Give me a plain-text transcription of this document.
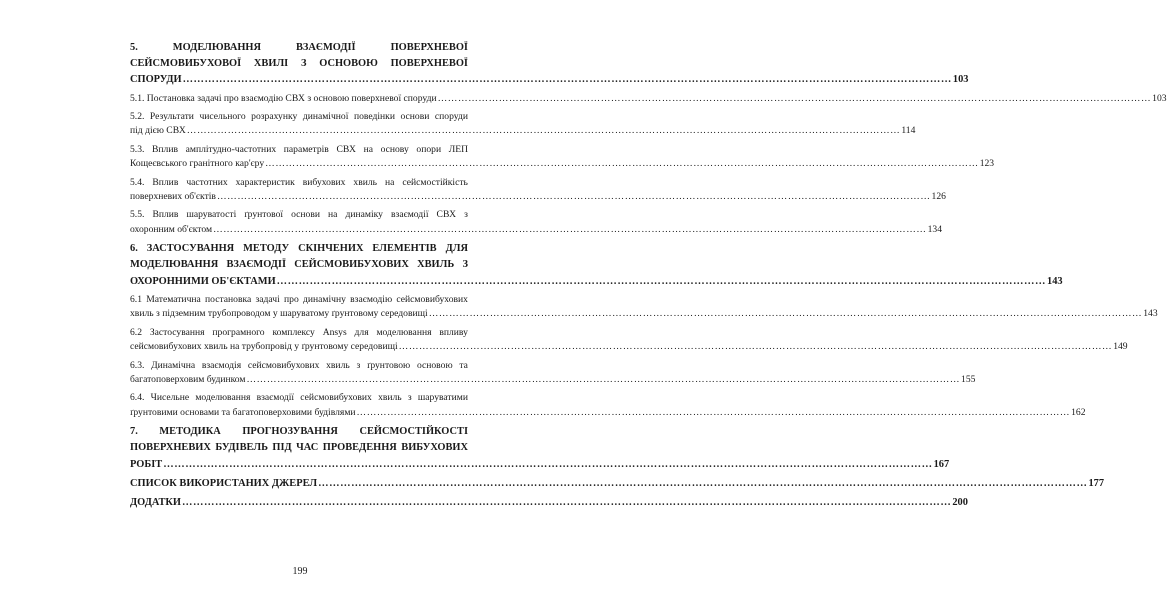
5.	МОДЕЛЮВАННЯ	ВЗАЄМОДІЇ	ПОВЕРХНЕВОЇ
СЕЙСМОВИБУХОВОЇ ХВИЛІ З ОСНОВОЮ ПОВЕРХНЕВОЇ
СПОРУДИ …………………………………………………………………………………………………………………………………………………………………………………………	103
5.1. Постановка задачі про взаємодію СВХ з основою поверхневої споруди …………………………………………………………………………………………………………………………………………………………………………………………	103
5.2. Результати чисельного розрахунку динамічної поведінки основи споруди
під дією СВХ …………………………………………………………………………………………………………………………………………………………………………………………	114
5.3. Вплив амплітудно-частотних параметрів СВХ на основу опори ЛЕП
Кощеєвського гранітного кар'єру …………………………………………………………………………………………………………………………………………………………………………………………	123
5.4. Вплив частотних характеристик вибухових хвиль на сейсмостійкість
поверхневих об'єктів …………………………………………………………………………………………………………………………………………………………………………………………	126
5.5. Вплив шаруватості ґрунтової основи на динаміку взаємодії СВХ з
охоронним об'єктом …………………………………………………………………………………………………………………………………………………………………………………………	134
6. ЗАСТОСУВАННЯ МЕТОДУ СКІНЧЕНИХ ЕЛЕМЕНТІВ ДЛЯ
МОДЕЛЮВАННЯ ВЗАЄМОДІЇ СЕЙСМОВИБУХОВИХ ХВИЛЬ З
ОХОРОННИМИ ОБ'ЄКТАМИ …………………………………………………………………………………………………………………………………………………………………………………………	143
6.1 Математична постановка задачі про динамічну взаємодію сейсмовибухових
хвиль з підземним трубопроводом у шаруватому ґрунтовому середовищі …………………………………………………………………………………………………………………………………………………………………………………………	143
6.2 Застосування програмного комплексу Ansys для моделювання впливу
сейсмовибухових хвиль на трубопровід у ґрунтовому середовищі …………………………………………………………………………………………………………………………………………………………………………………………	149
6.3. Динамічна взаємодія сейсмовибухових хвиль з ґрунтовою основою та
багатоповерховим будинком …………………………………………………………………………………………………………………………………………………………………………………………	155
6.4. Чисельне моделювання взаємодії сейсмовибухових хвиль з шаруватими
ґрунтовими основами та багатоповерховими будівлями …………………………………………………………………………………………………………………………………………………………………………………………	162
7. МЕТОДИКА ПРОГНОЗУВАННЯ СЕЙСМОСТІЙКОСТІ
ПОВЕРХНЕВИХ БУДІВЕЛЬ ПІД ЧАС ПРОВЕДЕННЯ ВИБУХОВИХ
РОБІТ …………………………………………………………………………………………………………………………………………………………………………………………	167
СПИСОК ВИКОРИСТАНИХ ДЖЕРЕЛ …………………………………………………………………………………………………………………………………………………………………………………………	177
ДОДАТКИ …………………………………………………………………………………………………………………………………………………………………………………………	200
199
